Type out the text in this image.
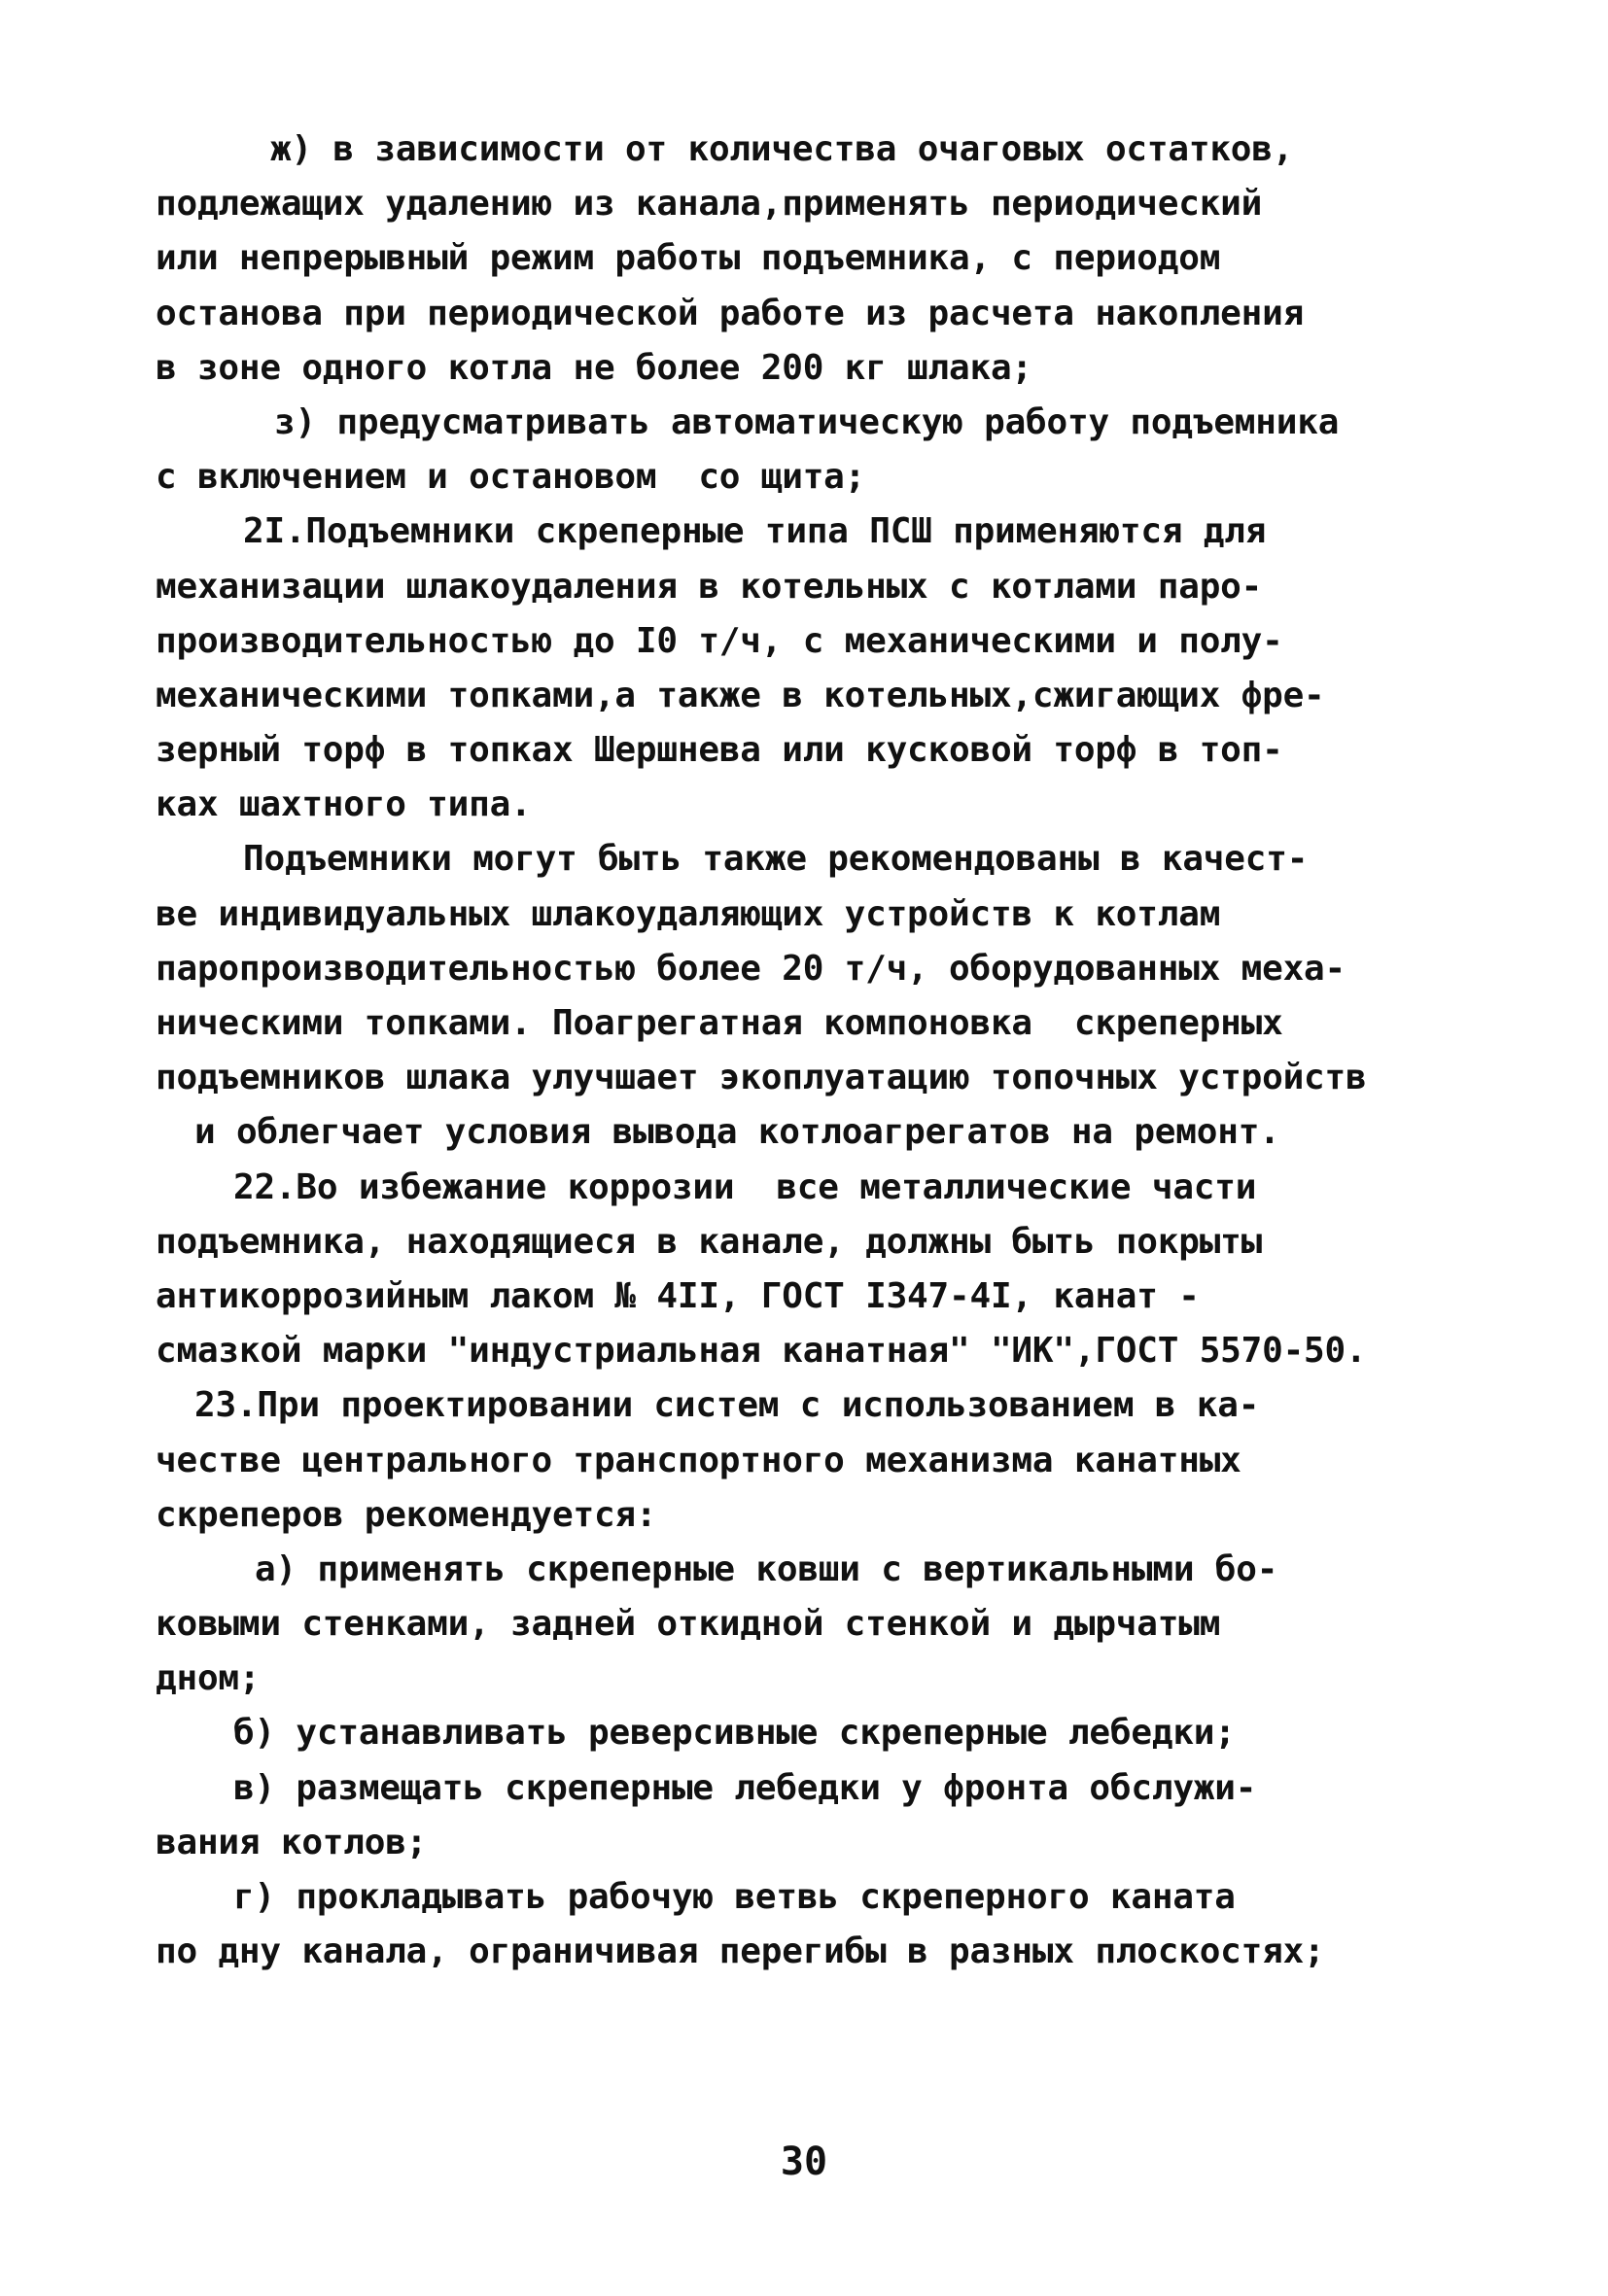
ж) в зависимости от количества очаговых остатков,
подлежащих удалению из канала,применять периодический
или непрерывный режим работы подъемника, с периодом
останова при периодической работе из расчета накопления
в зоне одного котла не более 200 кг шлака;
з) предусматривать автоматическую работу подъемника
с включением и остановом  со щита;
2I.Подъемники скреперные типа ПСШ применяются для
механизации шлакоудаления в котельных с котлами паро-
производительностью до I0 т/ч, с механическими и полу-
механическими топками,а также в котельных,сжигающих фре-
зерный торф в топках Шершнева или кусковой торф в топ-
ках шахтного типа.
Подъемники могут быть также рекомендованы в качест-
ве индивидуальных шлакоудаляющих устройств к котлам
паропроизводительностью более 20 т/ч, оборудованных меха-
ническими топками. Поагрегатная компоновка  скреперных
подъемников шлака улучшает экоплуатацию топочных устройств
и облегчает условия вывода котлоагрегатов на ремонт.
22.Во избежание коррозии  все металлические части
подъемника, находящиеся в канале, должны быть покрыты
антикоррозийным лаком № 4II, ГОСТ I347-4I, канат -
смазкой марки "индустриальная канатная" "ИК",ГОСТ 5570-50.
23.При проектировании систем с использованием в ка-
честве центрального транспортного механизма канатных
скреперов рекомендуется:
а) применять скреперные ковши с вертикальными бо-
ковыми стенками, задней откидной стенкой и дырчатым
дном;
б) устанавливать реверсивные скреперные лебедки;
в) размещать скреперные лебедки у фронта обслужи-
вания котлов;
г) прокладывать рабочую ветвь скреперного каната
по дну канала, ограничивая перегибы в разных плоскостях;
30
